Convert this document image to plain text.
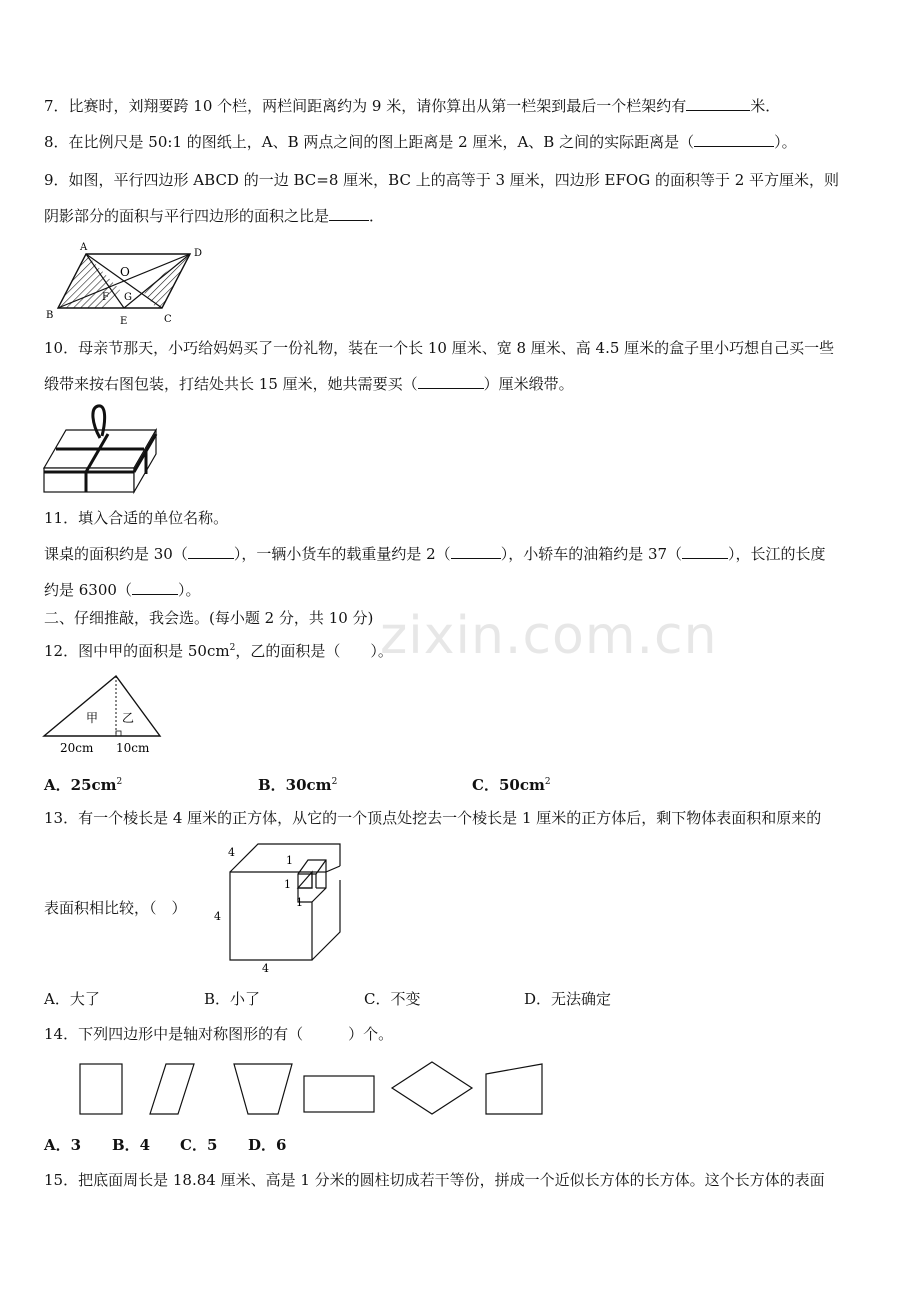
7．比赛时，刘翔要跨 10 个栏，两栏间距离约为 9 米，请你算出从第一栏架到最后一个栏架约有	米．
8．在比例尺是 50:1 的图纸上，A、B 两点之间的图上距离是 2 厘米，A、B 之间的实际距离是（	）。
9．如图，平行四边形 ABCD 的一边 BC=8 厘米，BC 上的高等于 3 厘米，四边形 EFOG 的面积等于 2 平方厘米，则
阴影部分的面积与平行四边形的面积之比是	．
A
D
B	C
O
F G
E
10．母亲节那天，小巧给妈妈买了一份礼物，装在一个长 10 厘米、宽 8 厘米、高 4.5 厘米的盒子里小巧想自己买一些
缎带来按右图包装，打结处共长 15 厘米，她共需要买（	）厘米缎带。
11．填入合适的单位名称。
课桌的面积约是 30（	），一辆小货车的载重量约是 2（	），小轿车的油箱约是 37（	），长江的长度
约是 6300（	）。
二、仔细推敲，我会选。(每小题 2 分，共 10 分) zixin.com.cn
12．图中甲的面积是 $50cm^2$，乙的面积是（　　）。
甲 乙
20cm 10cm
A．$25cm^2$	B．$30cm^2$	C．$50cm^2$
13．有一个棱长是 4 厘米的正方体，从它的一个顶点处挖去一个棱长是 1 厘米的正方体后，剩下物体表面积和原来的
表面积相比较，（　）
4
4
4
1
1
1
A．大了	B．小了	C．不变	D．无法确定
14．下列四边形中是轴对称图形的有（　　　）个。
A．3 B．4 C．5 D．6
15．把底面周长是 18.84 厘米、高是 1 分米的圆柱切成若干等份，拼成一个近似长方体的长方体。这个长方体的表面
